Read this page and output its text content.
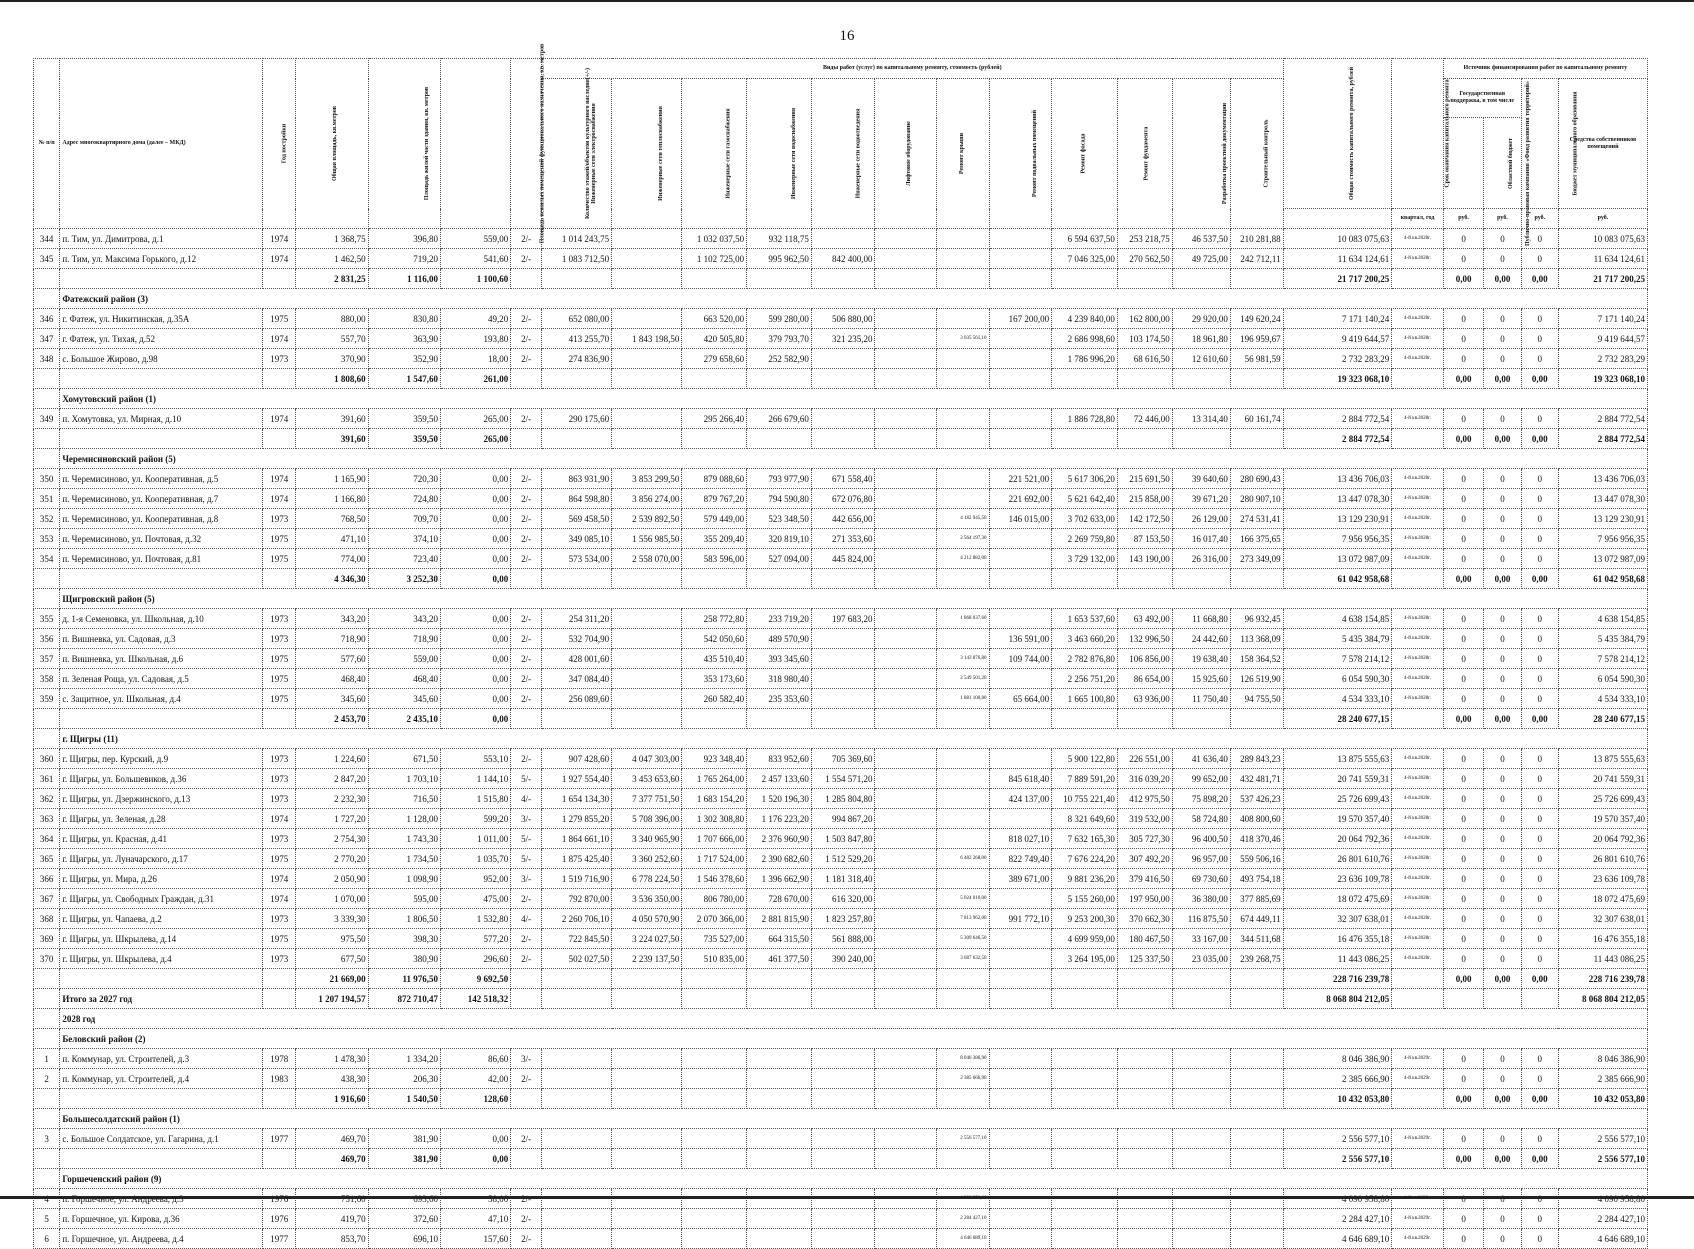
16
№ п/п	Адрес многоквартирного дома (далее – МКД)	Год постройки	Общая площадь, кв.метров	Площадь жилой части здания, кв. метров	Площадь нежилых помещений функционального назначения, кв. метров	Количество этажей/объектов культурного наследия(+/-)	Виды работ (услуг) по капитальному ремонту, стоимость (рублей)												Общая стоимость капитального ремонта, рублей	Срок окончания капитального ремонта	Источник финансирования работ по капитальному ремонту			
							Инженерные сети электроснабжения	Инженерные сети теплоснабжения	Инженерные сети газоснабжения	Инженерные сети водоснабжения	Инженерные сети водоотведения	Лифтовое оборудование	Ремонт крыши	Ремонт подвальных помещений	Ремонт фасада	Ремонт фундамента	Разработка проектной документации	Строительный контроль			Государственная поддержка, в том числе		Бюджет муниципального образования	Средства собственников помещений
																					Публично-правовая компания «Фонд развития территорий»	Областной бюджет		
																				квартал, год	руб.	руб.	руб.	руб.
344	п. Тим, ул. Димитрова, д.1	1974	1 368,75	396,80	559,00	2/-	1 014 243,75		1 032 037,50	932 118,75					6 594 637,50	253 218,75	46 537,50	210 281,88	10 083 075,63	4-й кв.2028г.	0	0	0	10 083 075,63
345	п. Тим, ул. Максима Горького, д.12	1974	1 462,50	719,20	541,60	2/-	1 083 712,50		1 102 725,00	995 962,50	842 400,00				7 046 325,00	270 562,50	49 725,00	242 712,11	11 634 124,61	4-й кв.2028г.	0	0	0	11 634 124,61
			2 831,25	1 116,00	1 100,60														21 717 200,25		0,00	0,00	0,00	21 717 200,25
	Фатежский район (3)																							
346	г. Фатеж, ул. Никитинская, д.35А	1975	880,00	830,80	49,20	2/-	652 080,00		663 520,00	599 280,00	506 880,00			167 200,00	4 239 840,00	162 800,00	29 920,00	149 620,24	7 171 140,24	4-й кв.2028г.	0	0	0	7 171 140,24
347	г. Фатеж, ул. Тихая, д.52	1974	557,70	363,90	193,80	2/-	413 255,70	1 843 198,50	420 505,80	379 793,70	321 235,20		3 035 561,10		2 686 998,60	103 174,50	18 961,80	196 959,67	9 419 644,57	4-й кв.2028г.	0	0	0	9 419 644,57
348	с. Большое Жирово, д.98	1973	370,90	352,90	18,00	2/-	274 836,90		279 658,60	252 582,90					1 786 996,20	68 616,50	12 610,60	56 981,59	2 732 283,29	4-й кв.2028г.	0	0	0	2 732 283,29
			1 808,60	1 547,60	261,00														19 323 068,10		0,00	0,00	0,00	19 323 068,10
	Хомутовский район (1)																							
349	п. Хомутовка, ул. Мирная, д.10	1974	391,60	359,50	265,00	2/-	290 175,60		295 266,40	266 679,60					1 886 728,80	72 446,00	13 314,40	60 161,74	2 884 772,54	4-й кв.2028г.	0	0	0	2 884 772,54
			391,60	359,50	265,00														2 884 772,54		0,00	0,00	0,00	2 884 772,54
	Черемисиновский район (5)																							
350	п. Черемисиново, ул. Кооперативная, д.5	1974	1 165,90	720,30	0,00	2/-	863 931,90	3 853 299,50	879 088,60	793 977,90	671 558,40			221 521,00	5 617 306,20	215 691,50	39 640,60	280 690,43	13 436 706,03	4-й кв.2028г.	0	0	0	13 436 706,03
351	п. Черемисиново, ул. Кооперативная, д.7	1974	1 166,80	724,80	0,00	2/-	864 598,80	3 856 274,00	879 767,20	794 590,80	672 076,80			221 692,00	5 621 642,40	215 858,00	39 671,20	280 907,10	13 447 078,30	4-й кв.2028г.	0	0	0	13 447 078,30
352	п. Черемисиново, ул. Кооперативная, д.8	1973	768,50	709,70	0,00	2/-	569 458,50	2 539 892,50	579 449,00	523 348,50	442 656,00		4 182 945,50	146 015,00	3 702 633,00	142 172,50	26 129,00	274 531,41	13 129 230,91	4-й кв.2028г.	0	0	0	13 129 230,91
353	п. Черемисиново, ул. Почтовая, д.32	1975	471,10	374,10	0,00	2/-	349 085,10	1 556 985,50	355 209,40	320 819,10	271 353,60		2 564 197,30		2 269 759,80	87 153,50	16 017,40	166 375,65	7 956 956,35	4-й кв.2028г.	0	0	0	7 956 956,35
354	п. Черемисиново, ул. Почтовая, д.81	1975	774,00	723,40	0,00	2/-	573 534,00	2 558 070,00	583 596,00	527 094,00	445 824,00		4 212 882,00		3 729 132,00	143 190,00	26 316,00	273 349,09	13 072 987,09	4-й кв.2028г.	0	0	0	13 072 987,09
			4 346,30	3 252,30	0,00														61 042 958,68		0,00	0,00	0,00	61 042 958,68
	Щигровский район (5)																							
355	д. 1-я Семеновка, ул. Школьная, д.10	1973	343,20	343,20	0,00	2/-	254 311,20		258 772,80	233 719,20	197 683,20		1 868 037,60		1 653 537,60	63 492,00	11 668,80	96 932,45	4 638 154,85	4-й кв.2028г.	0	0	0	4 638 154,85
356	п. Вишневка, ул. Садовая, д.3	1973	718,90	718,90	0,00	2/-	532 704,90		542 050,60	489 570,90				136 591,00	3 463 660,20	132 996,50	24 442,60	113 368,09	5 435 384,79	4-й кв.2028г.	0	0	0	5 435 384,79
357	п. Вишневка, ул. Школьная, д.6	1975	577,60	559,00	0,00	2/-	428 001,60		435 510,40	393 345,60			3 143 876,80	109 744,00	2 782 876,80	106 856,00	19 638,40	158 364,52	7 578 214,12	4-й кв.2028г.	0	0	0	7 578 214,12
358	п. Зеленая Роща, ул. Садовая, д.5	1975	468,40	468,40	0,00	2/-	347 084,40		353 173,60	318 980,40			2 549 501,20		2 256 751,20	86 654,00	15 925,60	126 519,90	6 054 590,30	4-й кв.2028г.	0	0	0	6 054 590,30
359	с. Защитное, ул. Школьная, д.4	1975	345,60	345,60	0,00	2/-	256 089,60		260 582,40	235 353,60			1 881 100,80	65 664,00	1 665 100,80	63 936,00	11 750,40	94 755,50	4 534 333,10	4-й кв.2028г.	0	0	0	4 534 333,10
			2 453,70	2 435,10	0,00														28 240 677,15		0,00	0,00	0,00	28 240 677,15
	г. Щигры (11)																							
360	г. Щигры, пер. Курский, д.9	1973	1 224,60	671,50	553,10	2/-	907 428,60	4 047 303,00	923 348,40	833 952,60	705 369,60				5 900 122,80	226 551,00	41 636,40	289 843,23	13 875 555,63	4-й кв.2028г.	0	0	0	13 875 555,63
361	г. Щигры, ул. Большевиков, д.36	1973	2 847,20	1 703,10	1 144,10	5/-	1 927 554,40	3 453 653,60	1 765 264,00	2 457 133,60	1 554 571,20			845 618,40	7 889 591,20	316 039,20	99 652,00	432 481,71	20 741 559,31	4-й кв.2028г.	0	0	0	20 741 559,31
362	г. Щигры, ул. Дзержинского, д.13	1973	2 232,30	716,50	1 515,80	4/-	1 654 134,30	7 377 751,50	1 683 154,20	1 520 196,30	1 285 804,80			424 137,00	10 755 221,40	412 975,50	75 898,20	537 426,23	25 726 699,43	4-й кв.2028г.	0	0	0	25 726 699,43
363	г. Щигры, ул. Зеленая, д.28	1974	1 727,20	1 128,00	599,20	3/-	1 279 855,20	5 708 396,00	1 302 308,80	1 176 223,20	994 867,20				8 321 649,60	319 532,00	58 724,80	408 800,60	19 570 357,40	4-й кв.2028г.	0	0	0	19 570 357,40
364	г. Щигры, ул. Красная, д.41	1973	2 754,30	1 743,30	1 011,00	5/-	1 864 661,10	3 340 965,90	1 707 666,00	2 376 960,90	1 503 847,80			818 027,10	7 632 165,30	305 727,30	96 400,50	418 370,46	20 064 792,36	4-й кв.2028г.	0	0	0	20 064 792,36
365	г. Щигры, ул. Луначарского, д.17	1975	2 770,20	1 734,50	1 035,70	5/-	1 875 425,40	3 360 252,60	1 717 524,00	2 390 682,60	1 512 529,20		6 482 268,00	822 749,40	7 676 224,20	307 492,20	96 957,00	559 506,16	26 801 610,76	4-й кв.2028г.	0	0	0	26 801 610,76
366	г. Щигры, ул. Мира, д.26	1974	2 050,90	1 098,90	952,00	3/-	1 519 716,90	6 778 224,50	1 546 378,60	1 396 662,90	1 181 318,40			389 671,00	9 881 236,20	379 416,50	69 730,60	493 754,18	23 636 109,78	4-й кв.2028г.	0	0	0	23 636 109,78
367	г. Щигры, ул. Свободных Граждан, д.31	1974	1 070,00	595,00	475,00	2/-	792 870,00	3 536 350,00	806 780,00	728 670,00	616 320,00		5 024 010,00		5 155 260,00	197 950,00	36 380,00	377 885,69	18 072 475,69	4-й кв.2028г.	0	0	0	18 072 475,69
368	г. Щигры, ул. Чапаева, д.2	1973	3 339,30	1 806,50	1 532,80	4/-	2 260 706,10	4 050 570,90	2 070 366,00	2 881 815,90	1 823 257,80		7 813 962,00	991 772,10	9 253 200,30	370 662,30	116 875,50	674 449,11	32 307 638,01	4-й кв.2028г.	0	0	0	32 307 638,01
369	г. Щигры, ул. Шкрылева, д.14	1975	975,50	398,30	577,20	2/-	722 845,50	3 224 027,50	735 527,00	664 315,50	561 888,00		5 309 646,50		4 699 959,00	180 467,50	33 167,00	344 511,68	16 476 355,18	4-й кв.2028г.	0	0	0	16 476 355,18
370	г. Щигры, ул. Шкрылева, д.4	1973	677,50	380,90	296,60	2/-	502 027,50	2 239 137,50	510 835,00	461 377,50	390 240,00		3 687 632,50		3 264 195,00	125 337,50	23 035,00	239 268,75	11 443 086,25	4-й кв.2028г.	0	0	0	11 443 086,25
			21 669,00	11 976,50	9 692,50														228 716 239,78		0,00	0,00	0,00	228 716 239,78
	Итого за 2027 год		1 207 194,57	872 710,47	142 518,32														8 068 804 212,05					8 068 804 212,05
	2028 год																							
	Беловский район (2)																							
1	п. Коммунар, ул. Строителей, д.3	1978	1 478,30	1 334,20	86,60	3/-							8 046 386,90						8 046 386,90	4-й кв.2029г.	0	0	0	8 046 386,90
2	п. Коммунар, ул. Строителей, д.4	1983	438,30	206,30	42,00	2/-							2 385 666,90						2 385 666,90	4-й кв.2029г.	0	0	0	2 385 666,90
			1 916,60	1 540,50	128,60														10 432 053,80		0,00	0,00	0,00	10 432 053,80
	Большесолдатский район (1)																							
3	с. Большое Солдатское, ул. Гагарина, д.1	1977	469,70	381,90	0,00	2/-							2 556 577,10						2 556 577,10	4-й кв.2029г.	0	0	0	2 556 577,10
			469,70	381,90	0,00														2 556 577,10		0,00	0,00	0,00	2 556 577,10
	Горшеченский район (9)																							

5	п. Горшечное, ул. Кирова, д.36	1976	419,70	372,60	47,10	2/-							2 284 427,10						2 284 427,10	4-й кв.2029г.	0	0	0	2 284 427,10
6	п. Горшечное, ул. Андреева, д.4	1977	853,70	696,10	157,60	2/-							4 646 689,10						4 646 689,10	4-й кв.2029г.	0	0	0	4 646 689,10
